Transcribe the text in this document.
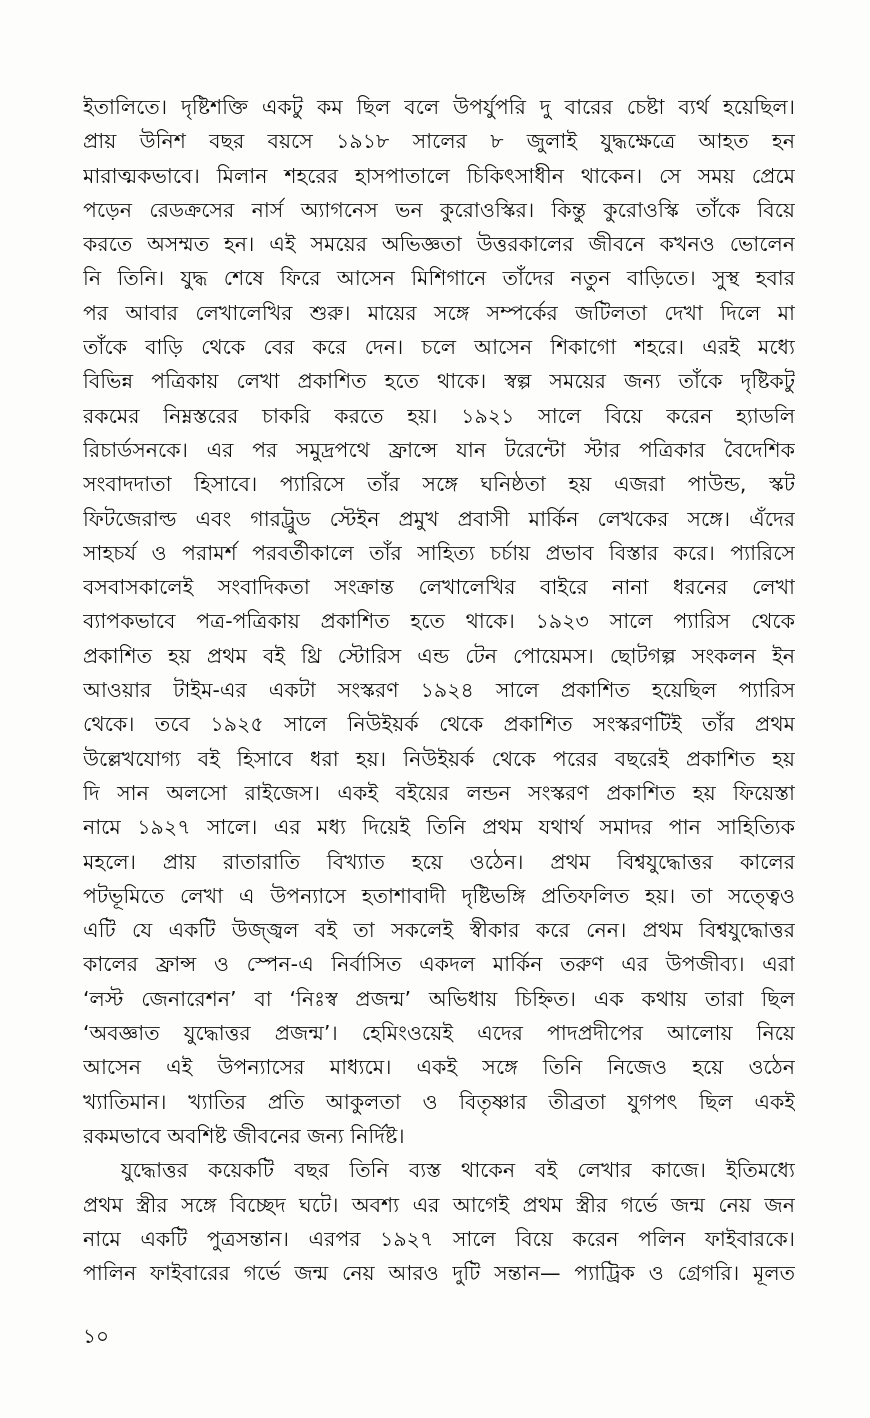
ইতালিতে। দৃষ্টিশক্তি একটু কম ছিল বলে উপর্যুপরি দু বারের চেষ্টা ব্যর্থ হয়েছিল।
প্রায় উনিশ বছর বয়সে ১৯১৮ সালের ৮ জুলাই যুদ্ধক্ষেত্রে আহত হন
মারাত্মকভাবে। মিলান শহরের হাসপাতালে চিকিৎসাধীন থাকেন। সে সময় প্রেমে
পড়েন রেডক্রসের নার্স অ্যাগনেস ভন কুরোওস্কির। কিন্তু কুরোওস্কি তাঁকে বিয়ে
করতে অসম্মত হন। এই সময়ের অভিজ্ঞতা উত্তরকালের জীবনে কখনও ভোলেন
নি তিনি। যুদ্ধ শেষে ফিরে আসেন মিশিগানে তাঁদের নতুন বাড়িতে। সুস্থ হবার
পর আবার লেখালেখির শুরু। মায়ের সঙ্গে সম্পর্কের জটিলতা দেখা দিলে মা
তাঁকে বাড়ি থেকে বের করে দেন। চলে আসেন শিকাগো শহরে। এরই মধ্যে
বিভিন্ন পত্রিকায় লেখা প্রকাশিত হতে থাকে। স্বল্প সময়ের জন্য তাঁকে দৃষ্টিকটু
রকমের নিম্নস্তরের চাকরি করতে হয়। ১৯২১ সালে বিয়ে করেন হ্যাডলি
রিচার্ডসনকে। এর পর সমুদ্রপথে ফ্রান্সে যান টরেন্টো স্টার পত্রিকার বৈদেশিক
সংবাদদাতা হিসাবে। প্যারিসে তাঁর সঙ্গে ঘনিষ্ঠতা হয় এজরা পাউন্ড, স্কট
ফিটজেরাল্ড এবং গারট্রুড স্টেইন প্রমুখ প্রবাসী মার্কিন লেখকের সঙ্গে। এঁদের
সাহচর্য ও পরামর্শ পরবর্তীকালে তাঁর সাহিত্য চর্চায় প্রভাব বিস্তার করে। প্যারিসে
বসবাসকালেই সংবাদিকতা সংক্রান্ত লেখালেখির বাইরে নানা ধরনের লেখা
ব্যাপকভাবে পত্র-পত্রিকায় প্রকাশিত হতে থাকে। ১৯২৩ সালে প্যারিস থেকে
প্রকাশিত হয় প্রথম বই থ্রি স্টোরিস এন্ড টেন পোয়েমস। ছোটগল্প সংকলন ইন
আওয়ার টাইম-এর একটা সংস্করণ ১৯২৪ সালে প্রকাশিত হয়েছিল প্যারিস
থেকে। তবে ১৯২৫ সালে নিউইয়র্ক থেকে প্রকাশিত সংস্করণটিই তাঁর প্রথম
উল্লেখযোগ্য বই হিসাবে ধরা হয়। নিউইয়র্ক থেকে পরের বছরেই প্রকাশিত হয়
দি সান অলসো রাইজেস। একই বইয়ের লন্ডন সংস্করণ প্রকাশিত হয় ফিয়েস্তা
নামে ১৯২৭ সালে। এর মধ্য দিয়েই তিনি প্রথম যথার্থ সমাদর পান সাহিত্যিক
মহলে। প্রায় রাতারাতি বিখ্যাত হয়ে ওঠেন। প্রথম বিশ্বযুদ্ধোত্তর কালের
পটভূমিতে লেখা এ উপন্যাসে হতাশাবাদী দৃষ্টিভঙ্গি প্রতিফলিত হয়। তা সত্ত্বেও
এটি যে একটি উজ্জ্বল বই তা সকলেই স্বীকার করে নেন। প্রথম বিশ্বযুদ্ধোত্তর
কালের ফ্রান্স ও স্পেন-এ নির্বাসিত একদল মার্কিন তরুণ এর উপজীব্য। এরা
‘লস্ট জেনারেশন’ বা ‘নিঃস্ব প্রজন্ম’ অভিধায় চিহ্নিত। এক কথায় তারা ছিল
‘অবজ্ঞাত যুদ্ধোত্তর প্রজন্ম’। হেমিংওয়েই এদের পাদপ্রদীপের আলোয় নিয়ে
আসেন এই উপন্যাসের মাধ্যমে। একই সঙ্গে তিনি নিজেও হয়ে ওঠেন
খ্যাতিমান। খ্যাতির প্রতি আকুলতা ও বিতৃষ্ণার তীব্রতা যুগপৎ ছিল একই
রকমভাবে অবশিষ্ট জীবনের জন্য নির্দিষ্ট।
যুদ্ধোত্তর কয়েকটি বছর তিনি ব্যস্ত থাকেন বই লেখার কাজে। ইতিমধ্যে
প্রথম স্ত্রীর সঙ্গে বিচ্ছেদ ঘটে। অবশ্য এর আগেই প্রথম স্ত্রীর গর্ভে জন্ম নেয় জন
নামে একটি পুত্রসন্তান। এরপর ১৯২৭ সালে বিয়ে করেন পলিন ফাইবারকে।
পালিন ফাইবারের গর্ভে জন্ম নেয় আরও দুটি সন্তান— প্যাট্রিক ও গ্রেগরি। মূলত
১০
